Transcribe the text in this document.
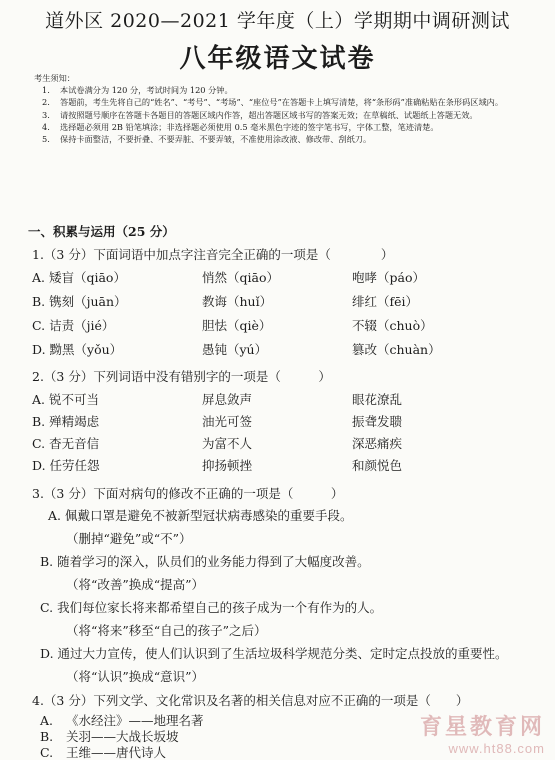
道外区 2020—2021 学年度（上）学期期中调研测试
八年级语文试卷
考生须知：
1.	本试卷满分为 120 分，考试时间为 120 分钟。
2.	答题前，考生先将自己的“姓名”、“考号”、“考场”、“座位号”在答题卡上填写清楚，将“条形码”准确粘贴在条形码区域内。
3.	请按照题号顺序在答题卡各题目的答题区域内作答，超出答题区域书写的答案无效；在草稿纸、试题纸上答题无效。
4.	选择题必须用 2B 铅笔填涂；非选择题必须使用 0.5 毫米黑色字迹的签字笔书写，字体工整，笔迹清楚。
5.	保持卡面整洁，不要折叠、不要弄脏、不要弄皱，不准使用涂改液、修改带、刮纸刀。
一、积累与运用（25 分）
1.（3 分）下面词语中加点字注音完全正确的一项是（　　　　）
A. 矮盲（qiāo）	悄然（qiāo）	咆哮（páo）
B. 镌刻（juān）	教诲（huǐ）	绯红（fēi）
C. 诘责（jié）	胆怯（qiè）	不辍（chuò）
D. 黝黑（yǒu）	愚钝（yú）	篡改（chuàn）
2.（3 分）下列词语中没有错别字的一项是（　　　）
A. 锐不可当	屏息敛声	眼花潦乱
B. 殚精竭虑	油光可签	振聋发聩
C. 杳无音信	为富不人	深恶痛疾
D. 任劳任怨	抑扬顿挫	和颜悦色
3.（3 分）下面对病句的修改不正确的一项是（　　　）
A. 佩戴口罩是避免不被新型冠状病毒感染的重要手段。
（删掉“避免”或“不”）
B. 随着学习的深入，队员们的业务能力得到了大幅度改善。
（将“改善”换成“提高”）
C. 我们每位家长将来都希望自己的孩子成为一个有作为的人。
（将“将来”移至“自己的孩子”之后）
D. 通过大力宣传，使人们认识到了生活垃圾科学规范分类、定时定点投放的重要性。
（将“认识”换成“意识”）
4.（3 分）下列文学、文化常识及名著的相关信息对应不正确的一项是（　　）
A. 《水经注》——地理名著
B. 关羽——大战长坂坡
C. 王维——唐代诗人
育星教育网
www.ht88.com
